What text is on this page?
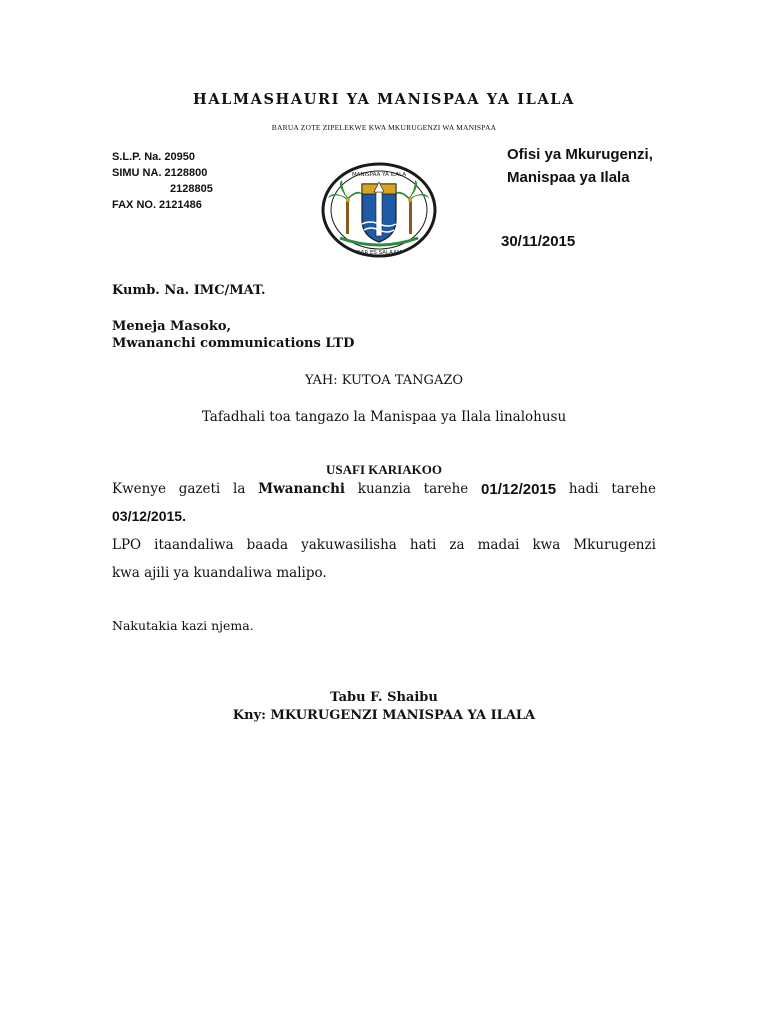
HALMASHAURI YA MANISPAA YA ILALA
BARUA ZOTE ZIPELEKWE KWA MKURUGENZI WA MANISPAA
S.L.P. Na. 20950
SIMU NA. 2128800
2128805
FAX NO. 2121486
Ofisi ya Mkurugenzi,
Manispaa ya Ilala
30/11/2015
MANISPAA YA ILALA
DAR ES SALAAM
Kumb. Na. IMC/MAT.
Meneja Masoko,
Mwananchi communications LTD
YAH: KUTOA TANGAZO
Tafadhali toa tangazo la Manispaa ya Ilala linalohusu
USAFI KARIAKOO
Kwenye gazeti la Mwananchi kuanzia tarehe 01/12/2015 hadi tarehe
03/12/2015.
LPO itaandaliwa baada yakuwasilisha hati za madai kwa Mkurugenzi
kwa ajili ya kuandaliwa malipo.
Nakutakia kazi njema.
Tabu F. Shaibu
Kny: MKURUGENZI MANISPAA YA ILALA
